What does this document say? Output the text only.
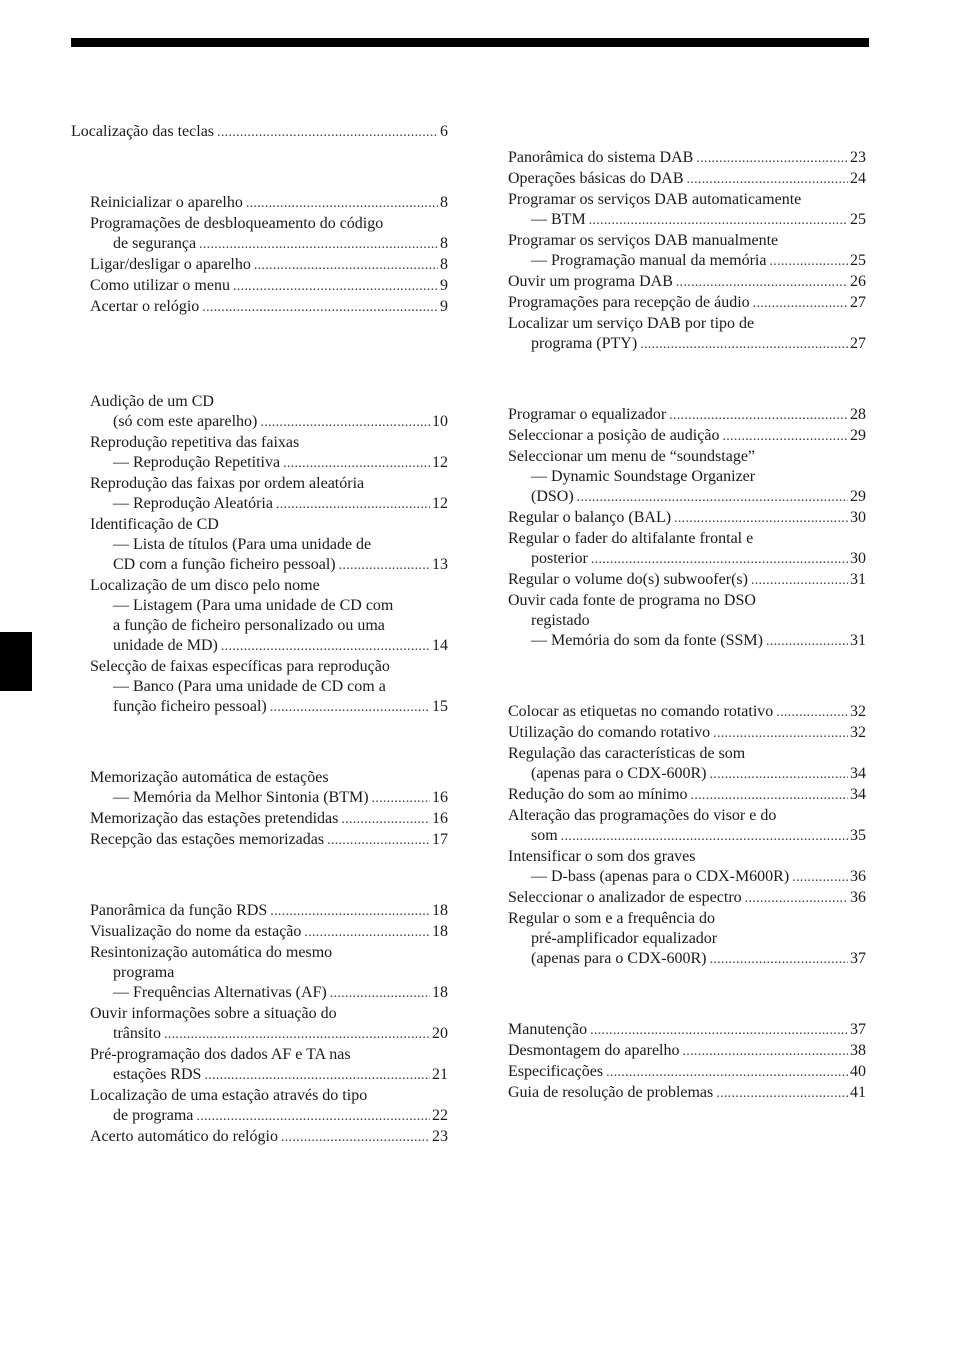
Localização das teclas . . .	6
Reinicializar o aparelho . . .	8
Programações de desbloqueamento do código
de segurança . . .	8
Ligar/desligar o aparelho . . .	8
Como utilizar o menu . . .	9
Acertar o relógio . . .	9
Audição de um CD
(só com este aparelho) . . .	10
Reprodução repetitiva das faixas
— Reprodução Repetitiva . . .	12
Reprodução das faixas por ordem aleatória
— Reprodução Aleatória . . .	12
Identificação de CD
— Lista de títulos (Para uma unidade de
CD com a função ficheiro pessoal) . . .	13
Localização de um disco pelo nome
— Listagem (Para uma unidade de CD com
a função de ficheiro personalizado ou uma
unidade de MD) . . .	14
Selecção de faixas específicas para reprodução
— Banco (Para uma unidade de CD com a
função ficheiro pessoal) . . .	15
Memorização automática de estações
— Memória da Melhor Sintonia (BTM) . . .	16
Memorização das estações pretendidas . . .	16
Recepção das estações memorizadas . . .	17
Panorâmica da função RDS . . .	18
Visualização do nome da estação . . .	18
Resintonização automática do mesmo
programa
— Frequências Alternativas (AF) . . .	18
Ouvir informações sobre a situação do
trânsito . . .	20
Pré-programação dos dados AF e TA nas
estações RDS . . .	21
Localização de uma estação através do tipo
de programa . . .	22
Acerto automático do relógio . . .	23
Panorâmica do sistema DAB . . .	23
Operações básicas do DAB . . .	24
Programar os serviços DAB automaticamente
— BTM . . .	25
Programar os serviços DAB manualmente
— Programação manual da memória . . .	25
Ouvir um programa DAB . . .	26
Programações para recepção de áudio . . .	27
Localizar um serviço DAB por tipo de
programa (PTY) . . .	27
Programar o equalizador . . .	28
Seleccionar a posição de audição . . .	29
Seleccionar um menu de “soundstage”
— Dynamic Soundstage Organizer
(DSO) . . .	29
Regular o balanço (BAL) . . .	30
Regular o fader do altifalante frontal e
posterior . . .	30
Regular o volume do(s) subwoofer(s) . . .	31
Ouvir cada fonte de programa no DSO
registado
— Memória do som da fonte (SSM) . . .	31
Colocar as etiquetas no comando rotativo . . .	32
Utilização do comando rotativo . . .	32
Regulação das características de som
(apenas para o CDX-600R) . . .	34
Redução do som ao mínimo . . .	34
Alteração das programações do visor e do
som . . .	35
Intensificar o som dos graves
— D-bass (apenas para o CDX-M600R) . . .	36
Seleccionar o analizador de espectro . . .	36
Regular o som e a frequência do
pré-amplificador equalizador
(apenas para o CDX-600R) . . .	37
Manutenção . . .	37
Desmontagem do aparelho . . .	38
Especificações . . .	40
Guia de resolução de problemas . . .	41
